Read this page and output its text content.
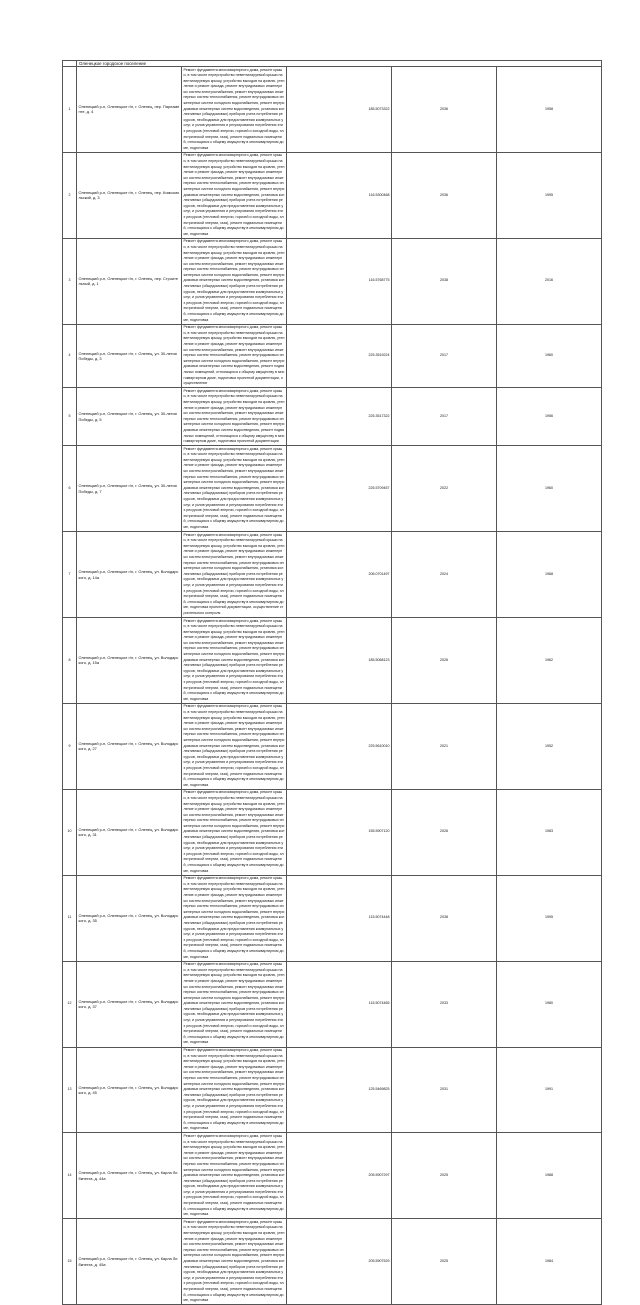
	Оленецкое городское поселение				

1	Оленецкий р-н, Оленецкое г/п, г. Оленец, пер. Парламенте, д. 4	Ремонт фундамента многоквартирного дома, ремонт крыши, в том числе переустройство невентилируемой крыши на вентилируемую крышу, устройство выходов на кровлю, утепление и ремонт фасада, ремонт внутридомовых инженерных систем электроснабжения, ремонт внутридомовых инженерных систем теплоснабжения, ремонт внутридомовых инженерных систем холодного водоснабжения, ремонт внутридомовых инженерных систем водоотведения, установка коллективных (общедомовых) приборов учета потребления ресурсов, необходимых для предоставления коммунальных услуг, и узлов управления и регулирования потребления этих ресурсов (тепловой энергии, горячей и холодной воды, электрической энергии, газа), ремонт подвальных помещений, относящихся к общему имуществу в многоквартирном доме, подготовка	185.5073322	2036	1958

2	Оленецкий р-н, Оленецкое г/п, г. Оленец, пер. Комсомольский, д. 3	Ремонт фундамента многоквартирного дома, ремонт крыши, в том числе переустройство невентилируемой крыши на вентилируемую крышу, устройство выходов на кровлю, утепление и ремонт фасада, ремонт внутридомовых инженерных систем электроснабжения, ремонт внутридомовых инженерных систем теплоснабжения, ремонт внутридомовых инженерных систем холодного водоснабжения, ремонт внутридомовых инженерных систем водоотведения, установка коллективных (общедомовых) приборов учета потребления ресурсов, необходимых для предоставления коммунальных услуг, и узлов управления и регулирования потребления этих ресурсов (тепловой энергии, горячей и холодной воды, электрической энергии, газа), ремонт подвальных помещений, относящихся к общему имуществу в многоквартирном доме, подготовка	116.5300468	2036	1995

3	Оленецкий р-н, Оленецкое г/п, г. Оленец, пер. Строительный, д. 1	Ремонт фундамента многоквартирного дома, ремонт крыши, в том числе переустройство невентилируемой крыши на вентилируемую крышу, устройство выходов на кровлю, утепление и ремонт фасада, ремонт внутридомовых инженерных систем электроснабжения, ремонт внутридомовых инженерных систем теплоснабжения, ремонт внутридомовых инженерных систем холодного водоснабжения, ремонт внутридомовых инженерных систем водоотведения, установка коллективных (общедомовых) приборов учета потребления ресурсов, необходимых для предоставления коммунальных услуг, и узлов управления и регулирования потребления этих ресурсов (тепловой энергии, горячей и холодной воды, электрической энергии, газа), ремонт подвальных помещений, относящихся к общему имуществу в многоквартирном доме, подготовка	116.5768775	2038	2016

4	Оленецкий р-н, Оленецкое г/п, г. Оленец, ул. 30-летия Победы, д. 3	Ремонт фундамента многоквартирного дома, ремонт крыши, в том числе переустройство невентилируемой крыши на вентилируемую крышу, устройство выходов на кровлю, утепление и ремонт фасада, ремонт внутридомовых инженерных систем электроснабжения, ремонт внутридомовых инженерных систем теплоснабжения, ремонт внутридомовых инженерных систем холодного водоснабжения, ремонт внутридомовых инженерных систем водоотведения, ремонт подвальных помещений, относящихся к общему имуществу в многоквартирном доме, подготовка проектной документации, осуществление	225.3519224	2017	1960

5	Оленецкий р-н, Оленецкое г/п, г. Оленец, ул. 30-летия Победы, д. 5	Ремонт фундамента многоквартирного дома, ремонт крыши, в том числе переустройство невентилируемой крыши на вентилируемую крышу, устройство выходов на кровлю, утепление и ремонт фасада, ремонт внутридомовых инженерных систем электроснабжения, ремонт внутридомовых инженерных систем теплоснабжения, ремонт внутридомовых инженерных систем холодного водоснабжения, ремонт внутридомовых инженерных систем водоотведения, ремонт подвальных помещений, относящихся к общему имуществу в многоквартирном доме, подготовка проектной документации	225.3517322	2017	1956

6	Оленецкий р-н, Оленецкое г/п, г. Оленец, ул. 30-летия Победы, д. 7	Ремонт фундамента многоквартирного дома, ремонт крыши, в том числе переустройство невентилируемой крыши на вентилируемую крышу, устройство выходов на кровлю, утепление и ремонт фасада, ремонт внутридомовых инженерных систем электроснабжения, ремонт внутридомовых инженерных систем теплоснабжения, ремонт внутридомовых инженерных систем холодного водоснабжения, ремонт внутридомовых инженерных систем водоотведения, установка коллективных (общедомовых) приборов учета потребления ресурсов, необходимых для предоставления коммунальных услуг, и узлов управления и регулирования потребления этих ресурсов (тепловой энергии, горячей и холодной воды, электрической энергии, газа), ремонт подвальных помещений, относящихся к общему имуществу в многоквартирном доме, подготовка	225.5709457	2022	1960

7	Оленецкий р-н, Оленецкое г/п, г. Оленец, ул. Володарского, д. 14а	Ремонт фундамента многоквартирного дома, ремонт крыши, в том числе переустройство невентилируемой крыши на вентилируемую крышу, устройство выходов на кровлю, утепление и ремонт фасада, ремонт внутридомовых инженерных систем электроснабжения, ремонт внутридомовых инженерных систем теплоснабжения, ремонт внутридомовых инженерных систем холодного водоснабжения, установка коллективных (общедомовых) приборов учета потребления ресурсов, необходимых для предоставления коммунальных услуг, и узлов управления и регулирования потребления этих ресурсов (тепловой энергии, горячей и холодной воды, электрической энергии, газа), ремонт подвальных помещений, относящихся к общему имуществу в многоквартирном доме, подготовка проектной документации, осуществление строительного контроля	206.0701497	2024	1968

8	Оленецкий р-н, Оленецкое г/п, г. Оленец, ул. Володарского, д. 15а	Ремонт фундамента многоквартирного дома, ремонт крыши, в том числе переустройство невентилируемой крыши на вентилируемую крышу, устройство выходов на кровлю, утепление и ремонт фасада, ремонт внутридомовых инженерных систем электроснабжения, ремонт внутридомовых инженерных систем теплоснабжения, ремонт внутридомовых инженерных систем холодного водоснабжения, ремонт внутридомовых инженерных систем водоотведения, установка коллективных (общедомовых) приборов учета потребления ресурсов, необходимых для предоставления коммунальных услуг, и узлов управления и регулирования потребления этих ресурсов (тепловой энергии, горячей и холодной воды, электрической энергии, газа), ремонт подвальных помещений, относящихся к общему имуществу в многоквартирном доме, подготовка	185.5068123	2026	1962

9	Оленецкий р-н, Оленецкое г/п, г. Оленец, ул. Володарского, д. 27	Ремонт фундамента многоквартирного дома, ремонт крыши, в том числе переустройство невентилируемой крыши на вентилируемую крышу, устройство выходов на кровлю, утепление и ремонт фасада, ремонт внутридомовых инженерных систем электроснабжения, ремонт внутридомовых инженерных систем теплоснабжения, ремонт внутридомовых инженерных систем холодного водоснабжения, ремонт внутридомовых инженерных систем водоотведения, установка коллективных (общедомовых) приборов учета потребления ресурсов, необходимых для предоставления коммунальных услуг, и узлов управления и регулирования потребления этих ресурсов (тепловой энергии, горячей и холодной воды, электрической энергии, газа), ремонт подвальных помещений, относящихся к общему имуществу в многоквартирном доме, подготовка	225.5610010	2021	1952

10	Оленецкий р-н, Оленецкое г/п, г. Оленец, ул. Володарского, д. 31	Ремонт фундамента многоквартирного дома, ремонт крыши, в том числе переустройство невентилируемой крыши на вентилируемую крышу, устройство выходов на кровлю, утепление и ремонт фасада, ремонт внутридомовых инженерных систем электроснабжения, ремонт внутридомовых инженерных систем теплоснабжения, ремонт внутридомовых инженерных систем холодного водоснабжения, ремонт внутридомовых инженерных систем водоотведения, установка коллективных (общедомовых) приборов учета потребления ресурсов, необходимых для предоставления коммунальных услуг, и узлов управления и регулирования потребления этих ресурсов (тепловой энергии, горячей и холодной воды, электрической энергии, газа), ремонт подвальных помещений, относящихся к общему имуществу в многоквартирном доме, подготовка	155.5907120	2026	1983

11	Оленецкий р-н, Оленецкое г/п, г. Оленец, ул. Володарского, д. 35	Ремонт фундамента многоквартирного дома, ремонт крыши, в том числе переустройство невентилируемой крыши на вентилируемую крышу, устройство выходов на кровлю, утепление и ремонт фасада, ремонт внутридомовых инженерных систем электроснабжения, ремонт внутридомовых инженерных систем теплоснабжения, ремонт внутридомовых инженерных систем холодного водоснабжения, ремонт внутридомовых инженерных систем водоотведения, установка коллективных (общедомовых) приборов учета потребления ресурсов, необходимых для предоставления коммунальных услуг, и узлов управления и регулирования потребления этих ресурсов (тепловой энергии, горячей и холодной воды, электрической энергии, газа), ремонт подвальных помещений, относящихся к общему имуществу в многоквартирном доме, подготовка	115.5074448	2038	1995

12	Оленецкий р-н, Оленецкое г/п, г. Оленец, ул. Володарского, д. 37	Ремонт фундамента многоквартирного дома, ремонт крыши, в том числе переустройство невентилируемой крыши на вентилируемую крышу, устройство выходов на кровлю, утепление и ремонт фасада, ремонт внутридомовых инженерных систем электроснабжения, ремонт внутридомовых инженерных систем теплоснабжения, ремонт внутридомовых инженерных систем холодного водоснабжения, ремонт внутридомовых инженерных систем водоотведения, установка коллективных (общедомовых) приборов учета потребления ресурсов, необходимых для предоставления коммунальных услуг, и узлов управления и регулирования потребления этих ресурсов (тепловой энергии, горячей и холодной воды, электрической энергии, газа), ремонт подвальных помещений, относящихся к общему имуществу в многоквартирном доме, подготовка	115.5074465	2033	1980

13	Оленецкий р-н, Оленецкое г/п, г. Оленец, ул. Володарского, д. 45	Ремонт фундамента многоквартирного дома, ремонт крыши, в том числе переустройство невентилируемой крыши на вентилируемую крышу, устройство выходов на кровлю, утепление и ремонт фасада, ремонт внутридомовых инженерных систем электроснабжения, ремонт внутридомовых инженерных систем теплоснабжения, ремонт внутридомовых инженерных систем холодного водоснабжения, ремонт внутридомовых инженерных систем водоотведения, установка коллективных (общедомовых) приборов учета потребления ресурсов, необходимых для предоставления коммунальных услуг, и узлов управления и регулирования потребления этих ресурсов (тепловой энергии, горячей и холодной воды, электрической энергии, газа), ремонт подвальных помещений, относящихся к общему имуществу в многоквартирном доме, подготовка	125.5469825	2031	1991

14	Оленецкий р-н, Оленецкое г/п, г. Оленец, ул. Карла Либкнехта, д. 44а	Ремонт фундамента многоквартирного дома, ремонт крыши, в том числе переустройство невентилируемой крыши на вентилируемую крышу, устройство выходов на кровлю, утепление и ремонт фасада, ремонт внутридомовых инженерных систем электроснабжения, ремонт внутридомовых инженерных систем теплоснабжения, ремонт внутридомовых инженерных систем холодного водоснабжения, ремонт внутридомовых инженерных систем водоотведения, установка коллективных (общедомовых) приборов учета потребления ресурсов, необходимых для предоставления коммунальных услуг, и узлов управления и регулирования потребления этих ресурсов (тепловой энергии, горячей и холодной воды, электрической энергии, газа), ремонт подвальных помещений, относящихся к общему имуществу в многоквартирном доме, подготовка	205.5907297	2025	1988

15	Оленецкий р-н, Оленецкое г/п, г. Оленец, ул. Карла Либкнехта, д. 45а	Ремонт фундамента многоквартирного дома, ремонт крыши, в том числе переустройство невентилируемой крыши на вентилируемую крышу, устройство выходов на кровлю, утепление и ремонт фасада, ремонт внутридомовых инженерных систем электроснабжения, ремонт внутридомовых инженерных систем теплоснабжения, ремонт внутридомовых инженерных систем холодного водоснабжения, ремонт внутридомовых инженерных систем водоотведения, установка коллективных (общедомовых) приборов учета потребления ресурсов, необходимых для предоставления коммунальных услуг, и узлов управления и регулирования потребления этих ресурсов (тепловой энергии, горячей и холодной воды, электрической энергии, газа), ремонт подвальных помещений, относящихся к общему имуществу в многоквартирном доме, подготовка	205.5907529	2025	1984
